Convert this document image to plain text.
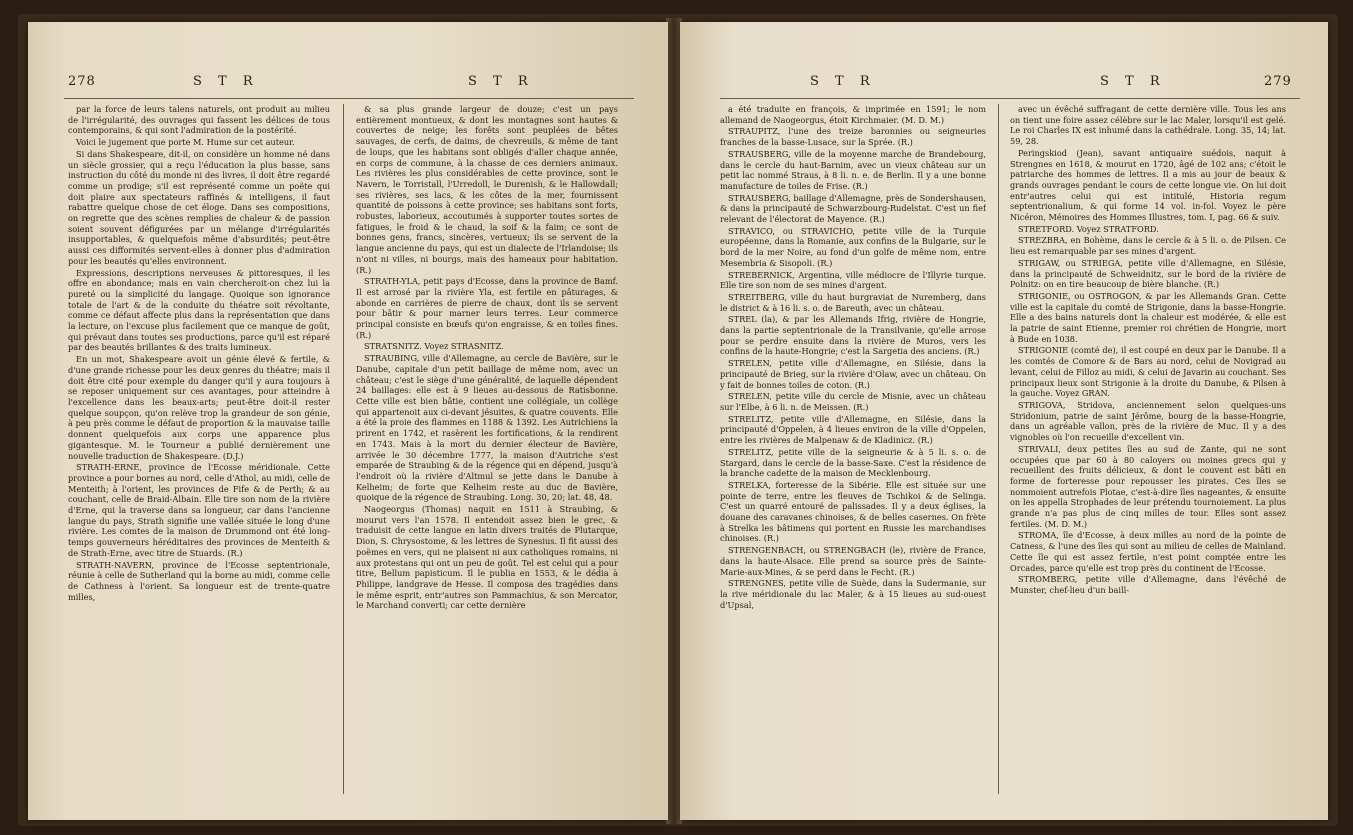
278	S T R	S T R

par la force de leurs talens naturels, ont produit au milieu de l'irrégularité, des ouvrages qui fassent les délices de tous contemporains, & qui sont l'admiration de la postérité.

Voici le jugement que porte M. Hume sur cet auteur.

Si dans Shakespeare, dit-il, on considère un homme né dans un siècle grossier, qui a reçu l'éducation la plus basse, sans instruction du côté du monde ni des livres, il doit être regardé comme un prodige; s'il est représenté comme un poëte qui doit plaire aux spectateurs raffinés & intelligens, il faut rabattre quelque chose de cet éloge. Dans ses compositions, on regrette que des scènes remplies de chaleur & de passion soient souvent défigurées par un mélange d'irrégularités insupportables, & quelquefois même d'absurdités; peut-être aussi ces difformités servent-elles à donner plus d'admiration pour les beautés qu'elles environnent.

Expressions, descriptions nerveuses & pittoresques, il les offre en abondance; mais en vain chercheroit-on chez lui la pureté ou la simplicité du langage. Quoique son ignorance totale de l'art & de la conduite du théatre soit révoltante, comme ce défaut affecte plus dans la représentation que dans la lecture, on l'excuse plus facilement que ce manque de goût, qui prévaut dans toutes ses productions, parce qu'il est réparé par des beautés brillantes & des traits lumineux.

En un mot, Shakespeare avoit un génie élevé & fertile, & d'une grande richesse pour les deux genres du théatre; mais il doit être cité pour exemple du danger qu'il y aura toujours à se reposer uniquement sur ces avantages, pour atteindre à l'excellence dans les beaux-arts; peut-être doit-il rester quelque soupçon, qu'on relève trop la grandeur de son génie, à peu près comme le défaut de proportion & la mauvaise taille donnent quelquefois aux corps une apparence plus gigantesque. M. le Tourneur a publié dernièrement une nouvelle traduction de Shakespeare. (D.J.)

STRATH-ERNE, province de l'Ecosse méridionale. Cette province a pour bornes au nord, celle d'Athol, au midi, celle de Menteith; à l'orient, les provinces de Fife & de Perth; & au couchant, celle de Braid-Albain. Elle tire son nom de la rivière d'Erne, qui la traverse dans sa longueur, car dans l'ancienne langue du pays, Strath signifie une vallée située le long d'une rivière. Les comtes de la maison de Drummond ont été long-temps gouverneurs héréditaires des provinces de Menteith & de Strath-Erne, avec titre de Stuards. (R.)

STRATH-NAVERN, province de l'Ecosse septentrionale, réunie à celle de Sutherland qui la borne au midi, comme celle de Cathness à l'orient. Sa longueur est de trente-quatre milles,

& sa plus grande largeur de douze; c'est un pays entièrement montueux, & dont les montagnes sont hautes & couvertes de neige; les forêts sont peuplées de bêtes sauvages, de cerfs, de daims, de chevreuils, & même de tant de loups, que les habitans sont obligés d'aller chaque année, en corps de commune, à la chasse de ces derniers animaux. Les rivières les plus considérables de cette province, sont le Navern, le Torristall, l'Urredoll, le Durenish, & le Hallowdall; ses rivières, ses lacs, & les côtes de la mer, fournissent quantité de poissons à cette province; ses habitans sont forts, robustes, laborieux, accoutumés à supporter toutes sortes de fatigues, le froid & le chaud, la soif & la faim; ce sont de bonnes gens, francs, sincères, vertueux; ils se servent de la langue ancienne du pays, qui est un dialecte de l'Irlandoise; ils n'ont ni villes, ni bourgs, mais des hameaux pour habitation. (R.)

STRATH-YLA, petit pays d'Ecosse, dans la province de Bamf. Il est arrosé par la rivière Yla, est fertile en pâturages, & abonde en carrières de pierre de chaux, dont ils se servent pour bâtir & pour marner leurs terres. Leur commerce principal consiste en bœufs qu'on engraisse, & en toiles fines. (R.)

STRATSNITZ. Voyez STRASNITZ.

STRAUBING, ville d'Allemagne, au cercle de Bavière, sur le Danube, capitale d'un petit baillage de même nom, avec un château; c'est le siège d'une généralité, de laquelle dépendent 24 baillages: elle est à 9 lieues au-dessous de Ratisbonne. Cette ville est bien bâtie, contient une collégiale, un collège qui appartenoit aux ci-devant jésuites, & quatre couvents. Elle a été la proie des flammes en 1188 & 1392. Les Autrichiens la prirent en 1742, et rasèrent les fortifications, & la rendirent en 1743. Mais à la mort du dernier électeur de Bavière, arrivée le 30 décembre 1777, la maison d'Autriche s'est emparée de Straubing & de la régence qui en dépend, jusqu'à l'endroit où la rivière d'Altmul se jette dans le Danube à Kelheim; de forte que Kelheim reste au duc de Bavière, quoique de la régence de Straubing. Long. 30, 20; lat. 48, 48.

Naogeorgus (Thomas) naquit en 1511 à Straubing, & mourut vers l'an 1578. Il entendoit assez bien le grec, & traduisit de cette langue en latin divers traités de Plutarque, Dion, S. Chrysostome, & les lettres de Synesius. Il fit aussi des poëmes en vers, qui ne plaisent ni aux catholiques romains, ni aux protestans qui ont un peu de goût. Tel est celui qui a pour titre, Bellum papisticum. Il le publia en 1553, & le dédia à Philippe, landgrave de Hesse. Il composa des tragédies dans le même esprit, entr'autres son Pammachius, & son Mercator, le Marchand converti; car cette dernière

S T R	S T R	279

a été traduite en françois, & imprimée en 1591; le nom allemand de Naogeorgus, étoit Kirchmaier. (M. D. M.)

STRAUPITZ, l'une des treize baronnies ou seigneuries franches de la basse-Lusace, sur la Sprée. (R.)

STRAUSBERG, ville de la moyenne marche de Brandebourg, dans le cercle du haut-Barnim, avec un vieux château sur un petit lac nommé Straus, à 8 li. n. e. de Berlin. Il y a une bonne manufacture de toiles de Frise. (R.)

STRAUSBERG, baillage d'Allemagne, près de Sondershausen, & dans la principauté de Schwarzbourg-Rudelstat. C'est un fief relevant de l'électorat de Mayence. (R.)

STRAVICO, ou STRAVICHO, petite ville de la Turquie européenne, dans la Romanie, aux confins de la Bulgarie, sur le bord de la mer Noire, au fond d'un golfe de même nom, entre Mesembria & Sisopoli. (R.)

STREBERNICK, Argentina, ville médiocre de l'Illyrie turque. Elle tire son nom de ses mines d'argent.

STREITBERG, ville du haut burgraviat de Nuremberg, dans le district & à 16 li. s. o. de Bareuth, avec un château.

STREL (la), & par les Allemands Ifrig, rivière de Hongrie, dans la partie septentrionale de la Transilvanie, qu'elle arrose pour se perdre ensuite dans la rivière de Muros, vers les confins de la haute-Hongrie; c'est la Sargetia des anciens. (R.)

STRELEN, petite ville d'Allemagne, en Silésie, dans la principauté de Brieg, sur la rivière d'Olaw, avec un château. On y fait de bonnes toiles de coton. (R.)

STRELEN, petite ville du cercle de Misnie, avec un château sur l'Elbe, à 6 li. n. de Meissen. (R.)

STRELITZ, petite ville d'Allemagne, en Silésie, dans la principauté d'Oppelen, à 4 lieues environ de la ville d'Oppelen, entre les rivières de Malpenaw & de Kladinicz. (R.)

STRELITZ, petite ville de la seigneurie & à 5 li. s. o. de Stargard, dans le cercle de la basse-Saxe. C'est la résidence de la branche cadette de la maison de Mecklenbourg.

STRELKA, forteresse de la Sibérie. Elle est située sur une pointe de terre, entre les fleuves de Tschikoi & de Selinga. C'est un quarré entouré de palissades. Il y a deux églises, la douane des caravanes chinoises, & de belles casernes. On frète à Strelka les bâtimens qui portent en Russie les marchandises chinoises. (R.)

STRENGENBACH, ou STRENGBACH (le), rivière de France, dans la haute-Alsace. Elle prend sa source près de Sainte-Marie-aux-Mines, & se perd dans le Fecht. (R.)

STRENGNES, petite ville de Suède, dans la Sudermanie, sur la rive méridionale du lac Maler, & à 15 lieues au sud-ouest d'Upsal,

avec un évêché suffragant de cette dernière ville. Tous les ans on tient une foire assez célèbre sur le lac Maler, lorsqu'il est gelé. Le roi Charles IX est inhumé dans la cathédrale. Long. 35, 14; lat. 59, 28.

Peringskiod (Jean), savant antiquaire suédois, naquit à Strengnes en 1618, & mourut en 1720, âgé de 102 ans; c'étoit le patriarche des hommes de lettres. Il a mis au jour de beaux & grands ouvrages pendant le cours de cette longue vie. On lui doit entr'autres celui qui est intitulé, Historia regum septentrionalium, & qui forme 14 vol. in-fol. Voyez le père Nicéron, Mémoires des Hommes Illustres, tom. I, pag. 66 & suiv.

STRETFORD. Voyez STRATFORD.

STREZBRA, en Bohème, dans le cercle & à 5 li. o. de Pilsen. Ce lieu est remarquable par ses mines d'argent.

STRIGAW, ou STRIEGA, petite ville d'Allemagne, en Silésie, dans la principauté de Schweidnitz, sur le bord de la rivière de Polnitz: on en tire beaucoup de bière blanche. (R.)

STRIGONIE, ou OSTROGON, & par les Allemands Gran. Cette ville est la capitale du comté de Strigonie, dans la basse-Hongrie. Elle a des bains naturels dont la chaleur est modérée, & elle est la patrie de saint Etienne, premier roi chrétien de Hongrie, mort à Bude en 1038.

STRIGONIE (comté de), il est coupé en deux par le Danube. Il a les comtés de Comore & de Bars au nord, celui de Novigrad au levant, celui de Filloz au midi, & celui de Javarin au couchant. Ses principaux lieux sont Strigonie à la droite du Danube, & Pilsen à la gauche. Voyez GRAN.

STRIGOVA, Stridova, anciennement selon quelques-uns Stridonium, patrie de saint Jérôme, bourg de la basse-Hongrie, dans un agréable vallon, près de la rivière de Muc. Il y a des vignobles où l'on recueille d'excellent vin.

STRIVALI, deux petites îles au sud de Zante, qui ne sont occupées que par 60 à 80 caloyers ou moines grecs qui y recueillent des fruits délicieux, & dont le couvent est bâti en forme de forteresse pour repousser les pirates. Ces îles se nommoient autrefois Plotae, c'est-à-dire îles nageantes, & ensuite on les appella Strophades de leur prétendu tournoiement. La plus grande n'a pas plus de cinq milles de tour. Elles sont assez fertiles. (M. D. M.)

STROMA, île d'Ecosse, à deux milles au nord de la pointe de Catness, & l'une des îles qui sont au milieu de celles de Mainland. Cette île qui est assez fertile, n'est point comptée entre les Orcades, parce qu'elle est trop près du continent de l'Ecosse.

STROMBERG, petite ville d'Allemagne, dans l'évêché de Munster, chef-lieu d'un baill-
